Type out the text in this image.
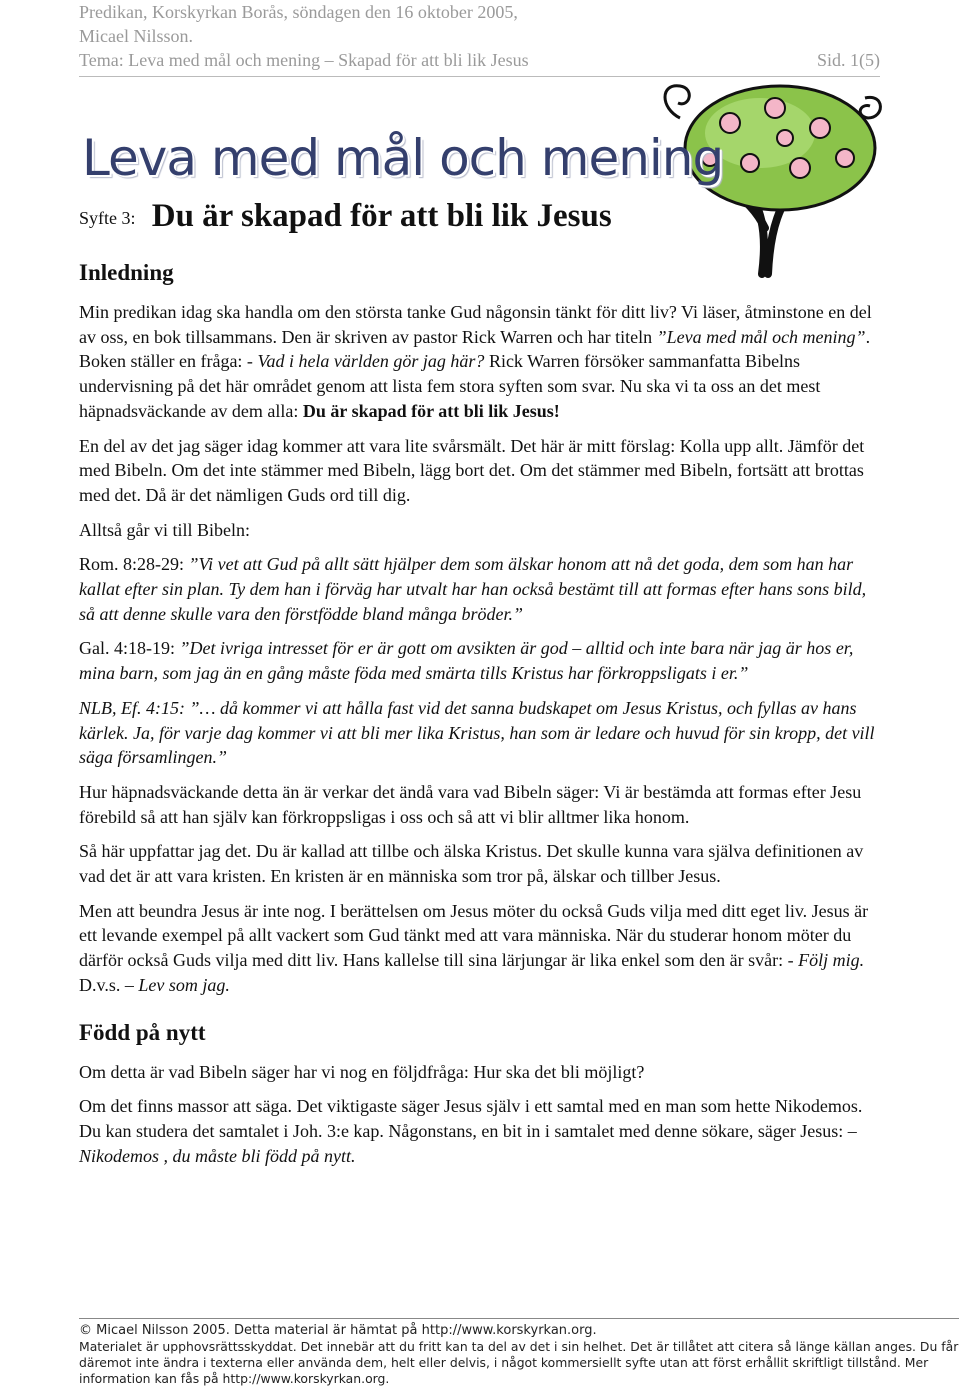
Predikan, Korskyrkan Borås, söndagen den 16 oktober 2005,
Micael Nilsson.
Tema: Leva med mål och mening – Skapad för att bli lik Jesus	Sid. 1(5)
Leva med mål och mening
Syfte 3: Du är skapad för att bli lik Jesus
Inledning

Min predikan idag ska handla om den största tanke Gud någonsin tänkt för ditt liv? Vi läser, åtminstone en del av oss, en bok tillsammans. Den är skriven av pastor Rick Warren och har titeln ”Leva med mål och mening”. Boken ställer en fråga: - Vad i hela världen gör jag här? Rick Warren försöker sammanfatta Bibelns undervisning på det här området genom att lista fem stora syften som svar. Nu ska vi ta oss an det mest häpnadsväckande av dem alla: Du är skapad för att bli lik Jesus!

En del av det jag säger idag kommer att vara lite svårsmält. Det här är mitt förslag: Kolla upp allt. Jämför det med Bibeln. Om det inte stämmer med Bibeln, lägg bort det. Om det stämmer med Bibeln, fortsätt att brottas med det. Då är det nämligen Guds ord till dig.

Alltså går vi till Bibeln:

Rom. 8:28-29: ”Vi vet att Gud på allt sätt hjälper dem som älskar honom att nå det goda, dem som han har kallat efter sin plan. Ty dem han i förväg har utvalt har han också bestämt till att formas efter hans sons bild, så att denne skulle vara den förstfödde bland många bröder.”

Gal. 4:18-19: ”Det ivriga intresset för er är gott om avsikten är god – alltid och inte bara när jag är hos er, mina barn, som jag än en gång måste föda med smärta tills Kristus har förkroppsligats i er.”

NLB, Ef. 4:15: ”… då kommer vi att hålla fast vid det sanna budskapet om Jesus Kristus, och fyllas av hans kärlek. Ja, för varje dag kommer vi att bli mer lika Kristus, han som är ledare och huvud för sin kropp, det vill säga församlingen.”

Hur häpnadsväckande detta än är verkar det ändå vara vad Bibeln säger: Vi är bestämda att formas efter Jesu förebild så att han själv kan förkroppsligas i oss och så att vi blir alltmer lika honom.

Så här uppfattar jag det. Du är kallad att tillbe och älska Kristus. Det skulle kunna vara själva definitionen av vad det är att vara kristen. En kristen är en människa som tror på, älskar och tillber Jesus.

Men att beundra Jesus är inte nog. I berättelsen om Jesus möter du också Guds vilja med ditt eget liv. Jesus är ett levande exempel på allt vackert som Gud tänkt med att vara människa. När du studerar honom möter du därför också Guds vilja med ditt liv. Hans kallelse till sina lärjungar är lika enkel som den är svår: - Följ mig. D.v.s. – Lev som jag.

Född på nytt

Om detta är vad Bibeln säger har vi nog en följdfråga: Hur ska det bli möjligt?

Om det finns massor att säga. Det viktigaste säger Jesus själv i ett samtal med en man som hette Nikodemos. Du kan studera det samtalet i Joh. 3:e kap. Någonstans, en bit in i samtalet med denne sökare, säger Jesus: –Nikodemos , du måste bli född på nytt.

© Micael Nilsson 2005. Detta material är hämtat på http://www.korskyrkan.org.
Materialet är upphovsrättsskyddat. Det innebär att du fritt kan ta del av det i sin helhet. Det är tillåtet att citera så länge källan anges. Du får däremot inte ändra i texterna eller använda dem, helt eller delvis, i något kommersiellt syfte utan att först erhållit skriftligt tillstånd. Mer information kan fås på http://www.korskyrkan.org.
